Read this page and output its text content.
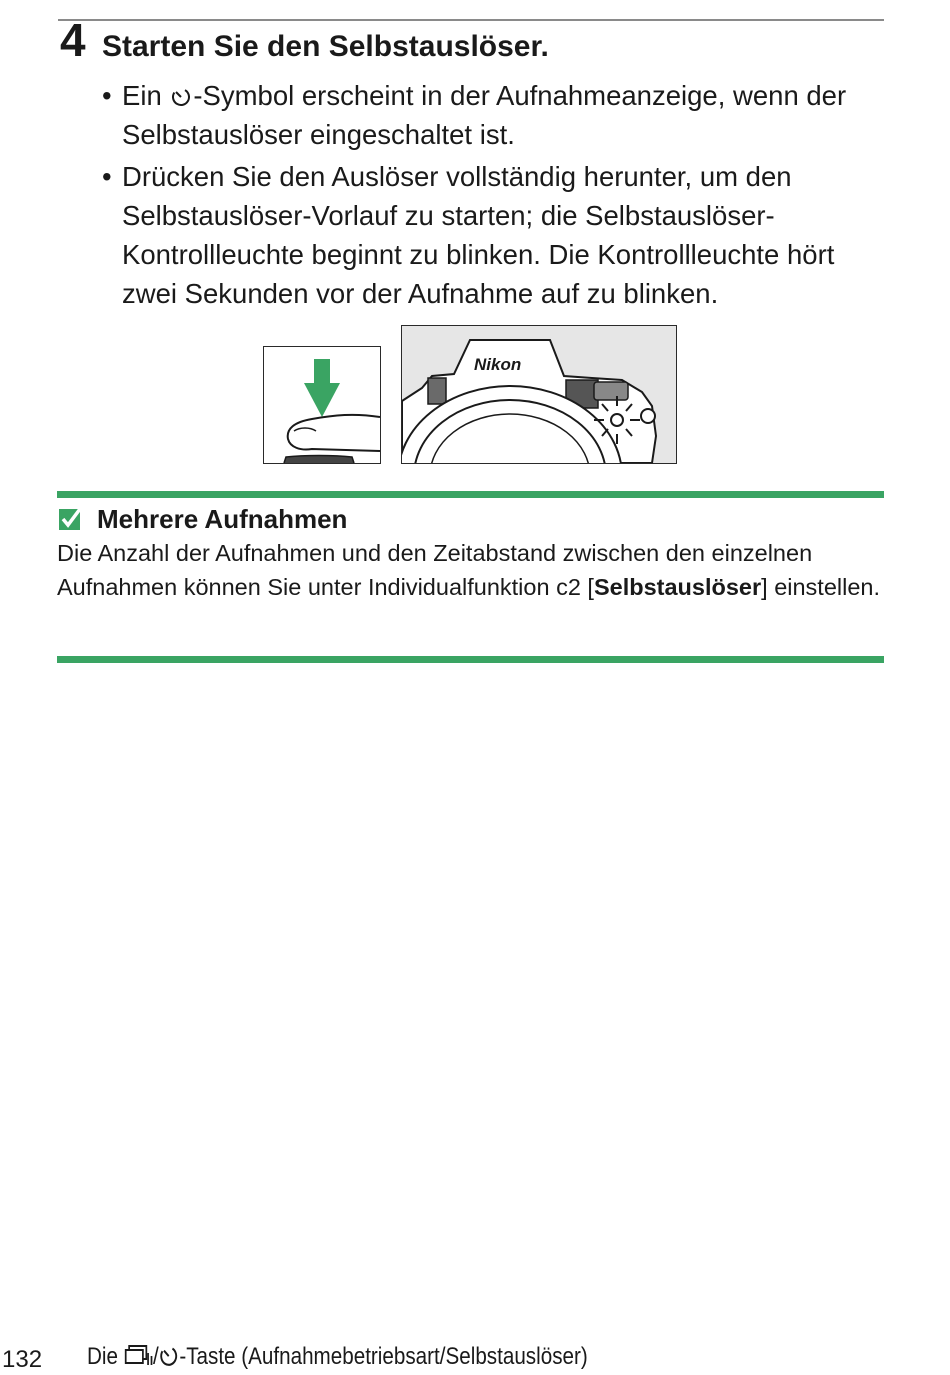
4 Starten Sie den Selbstauslöser.
• Ein -Symbol erscheint in der Aufnahmeanzeige, wenn der Selbstauslöser eingeschaltet ist.
• Drücken Sie den Auslöser vollständig herunter, um den Selbstauslöser-Vorlauf zu starten; die Selbstauslöser-Kontrollleuchte beginnt zu blinken. Die Kontrollleuchte hört zwei Sekunden vor der Aufnahme auf zu blinken.
Nikon
Mehrere Aufnahmen
Die Anzahl der Aufnahmen und den Zeitabstand zwischen den einzelnen Aufnahmen können Sie unter Individualfunktion c2 [Selbstauslöser] einstellen.
132 Die / -Taste (Aufnahmebetriebsart/Selbstauslöser)
